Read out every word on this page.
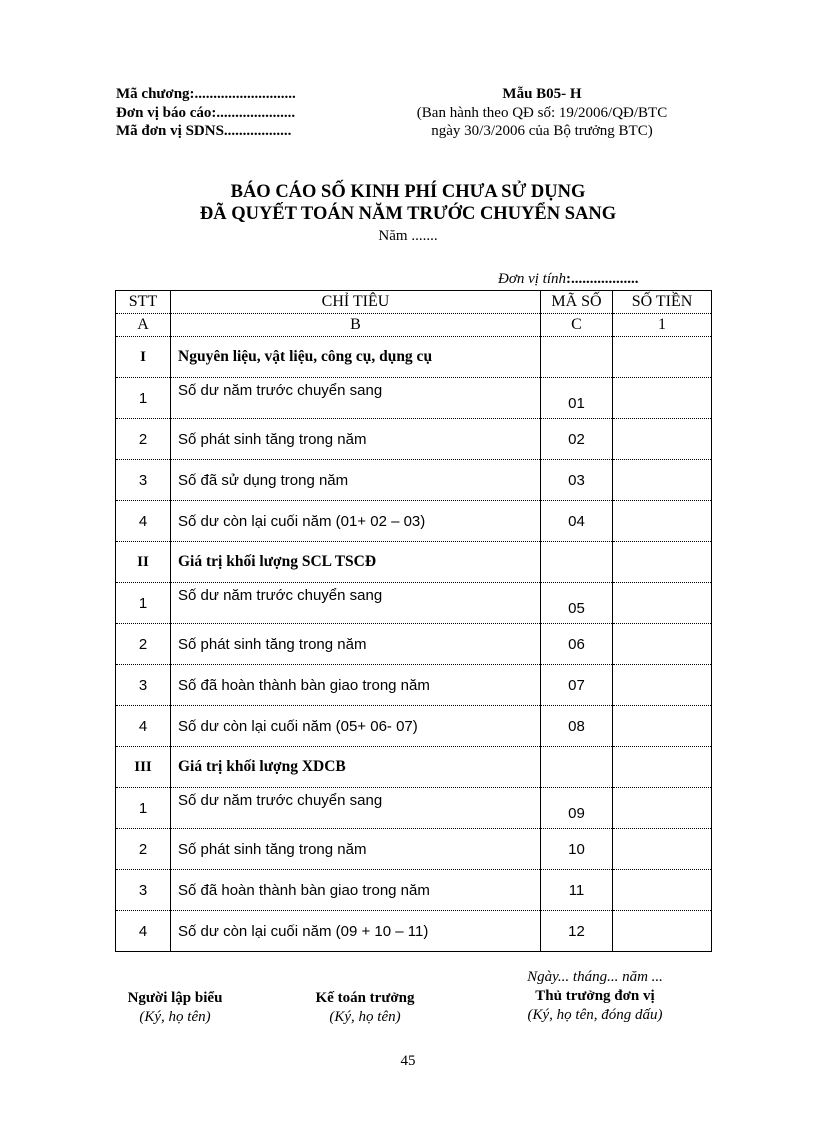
Mã chương:...........................
Đơn vị báo cáo:.....................
Mã đơn vị SDNS..................
Mẫu B05- H
(Ban hành theo QĐ số: 19/2006/QĐ/BTC
ngày 30/3/2006 của Bộ trưởng BTC)
BÁO CÁO SỐ KINH PHÍ CHƯA SỬ DỤNG
ĐÃ QUYẾT TOÁN NĂM TRƯỚC CHUYỂN SANG
Năm .......
Đơn vị tính:..................
STT	CHỈ TIÊU	MÃ SỐ	SỐ TIỀN
A	B	C	1
I	Nguyên liệu, vật liệu, công cụ, dụng cụ		
1	Số dư năm trước chuyển sang	01	
2	Số phát sinh tăng trong năm	02	
3	Số đã sử dụng trong năm	03	
4	Số dư còn lại cuối năm (01+ 02 – 03)	04	
II	Giá trị khối lượng SCL TSCĐ		
1	Số dư năm trước chuyển sang	05	
2	Số phát sinh tăng trong năm	06	
3	Số đã hoàn thành bàn giao trong năm	07	
4	Số dư còn lại cuối năm (05+ 06- 07)	08	
III	Giá trị khối lượng XDCB		
1	Số dư năm trước chuyển sang	09	
2	Số phát sinh tăng trong năm	10	
3	Số đã hoàn thành bàn giao trong năm	11	
4	Số dư còn lại cuối năm (09 + 10 – 11)	12	
Người lập biểu
(Ký, họ tên)
Kế toán trưởng
(Ký, họ tên)
Ngày... tháng... năm ...
Thủ trưởng đơn vị
(Ký, họ tên, đóng dấu)
45
